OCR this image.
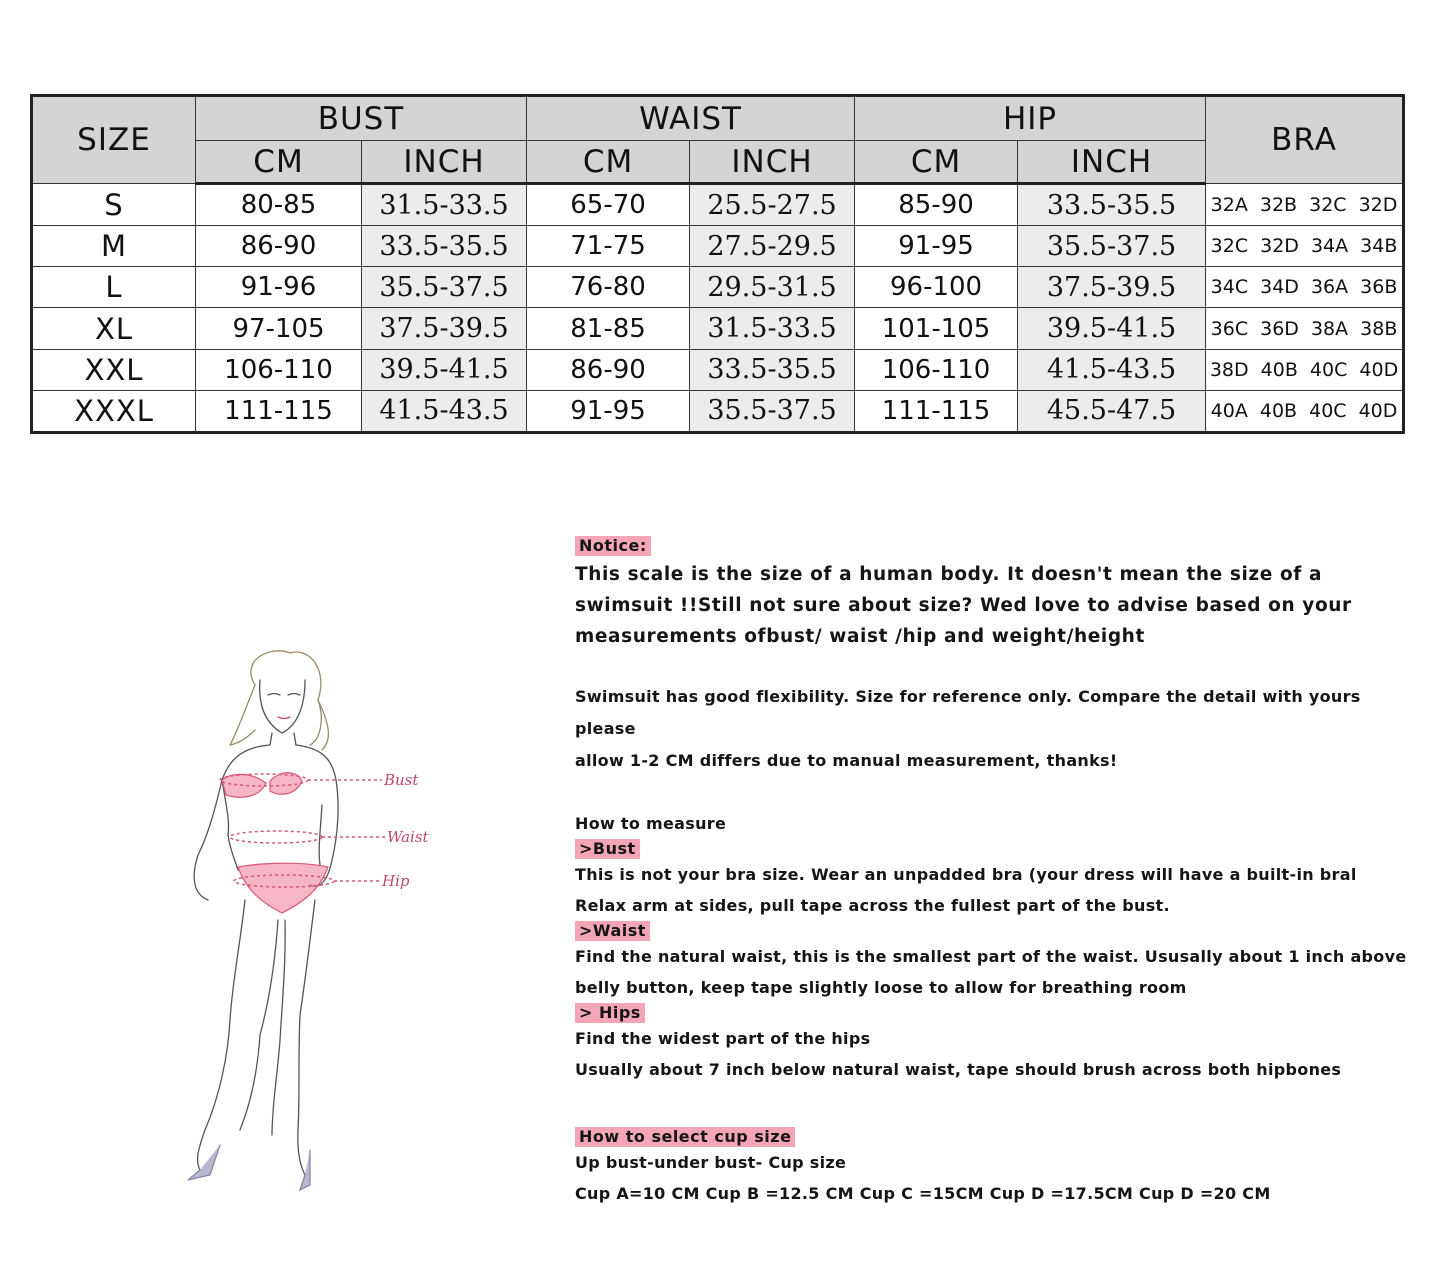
SIZE	BUST		WAIST		HIP		BRA
	CM	INCH	CM	INCH	CM	INCH	
S	80-85	31.5-33.5	65-70	25.5-27.5	85-90	33.5-35.5	32A 32B 32C 32D
M	86-90	33.5-35.5	71-75	27.5-29.5	91-95	35.5-37.5	32C 32D 34A 34B
L	91-96	35.5-37.5	76-80	29.5-31.5	96-100	37.5-39.5	34C 34D 36A 36B
XL	97-105	37.5-39.5	81-85	31.5-33.5	101-105	39.5-41.5	36C 36D 38A 38B
XXL	106-110	39.5-41.5	86-90	33.5-35.5	106-110	41.5-43.5	38D 40B 40C 40D
XXXL	111-115	41.5-43.5	91-95	35.5-37.5	111-115	45.5-47.5	40A 40B 40C 40D
Bust
Waist
Hip
Notice:

This scale is the size of a human body. It doesn't mean the size of a

swimsuit !!Still not sure about size? Wed love to advise based on your

measurements ofbust/ waist /hip and weight/height

Swimsuit has good flexibility. Size for reference only. Compare the detail with yours please

allow 1-2 CM differs due to manual measurement, thanks!

How to measure

>Bust

This is not your bra size. Wear an unpadded bra (your dress will have a built-in bral

Relax arm at sides, pull tape across the fullest part of the bust.

>Waist

Find the natural waist, this is the smallest part of the waist. Ususally about 1 inch above

belly button, keep tape slightly loose to allow for breathing room

> Hips

Find the widest part of the hips

Usually about 7 inch below natural waist, tape should brush across both hipbones

How to select cup size

Up bust-under bust- Cup size

Cup A=10 CM Cup B =12.5 CM Cup C =15CM Cup D =17.5CM Cup D =20 CM
